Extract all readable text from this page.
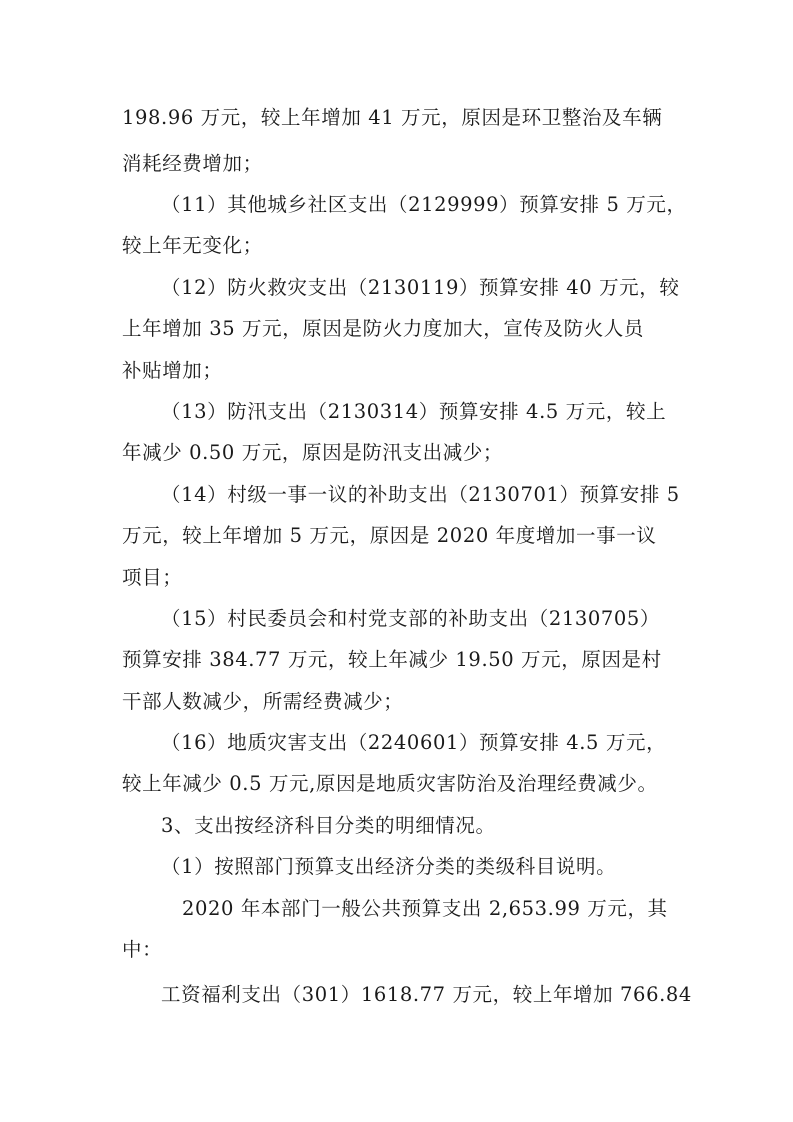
198.96 万元，较上年增加 41 万元，原因是环卫整治及车辆
消耗经费增加；
（11）其他城乡社区支出（2129999）预算安排 5 万元，
较上年无变化；
（12）防火救灾支出（2130119）预算安排 40 万元，较
上年增加 35 万元，原因是防火力度加大，宣传及防火人员
补贴增加；
（13）防汛支出（2130314）预算安排 4.5 万元，较上
年减少 0.50 万元，原因是防汛支出减少；
（14）村级一事一议的补助支出（2130701）预算安排 5
万元，较上年增加 5 万元，原因是 2020 年度增加一事一议
项目；
（15）村民委员会和村党支部的补助支出（2130705）
预算安排 384.77 万元，较上年减少 19.50 万元，原因是村
干部人数减少，所需经费减少；
（16）地质灾害支出（2240601）预算安排 4.5 万元，
较上年减少 0.5 万元,原因是地质灾害防治及治理经费减少。
3、支出按经济科目分类的明细情况。
（1）按照部门预算支出经济分类的类级科目说明。
2020 年本部门一般公共预算支出 2,653.99 万元，其
中：
工资福利支出（301）1618.77 万元，较上年增加 766.84
